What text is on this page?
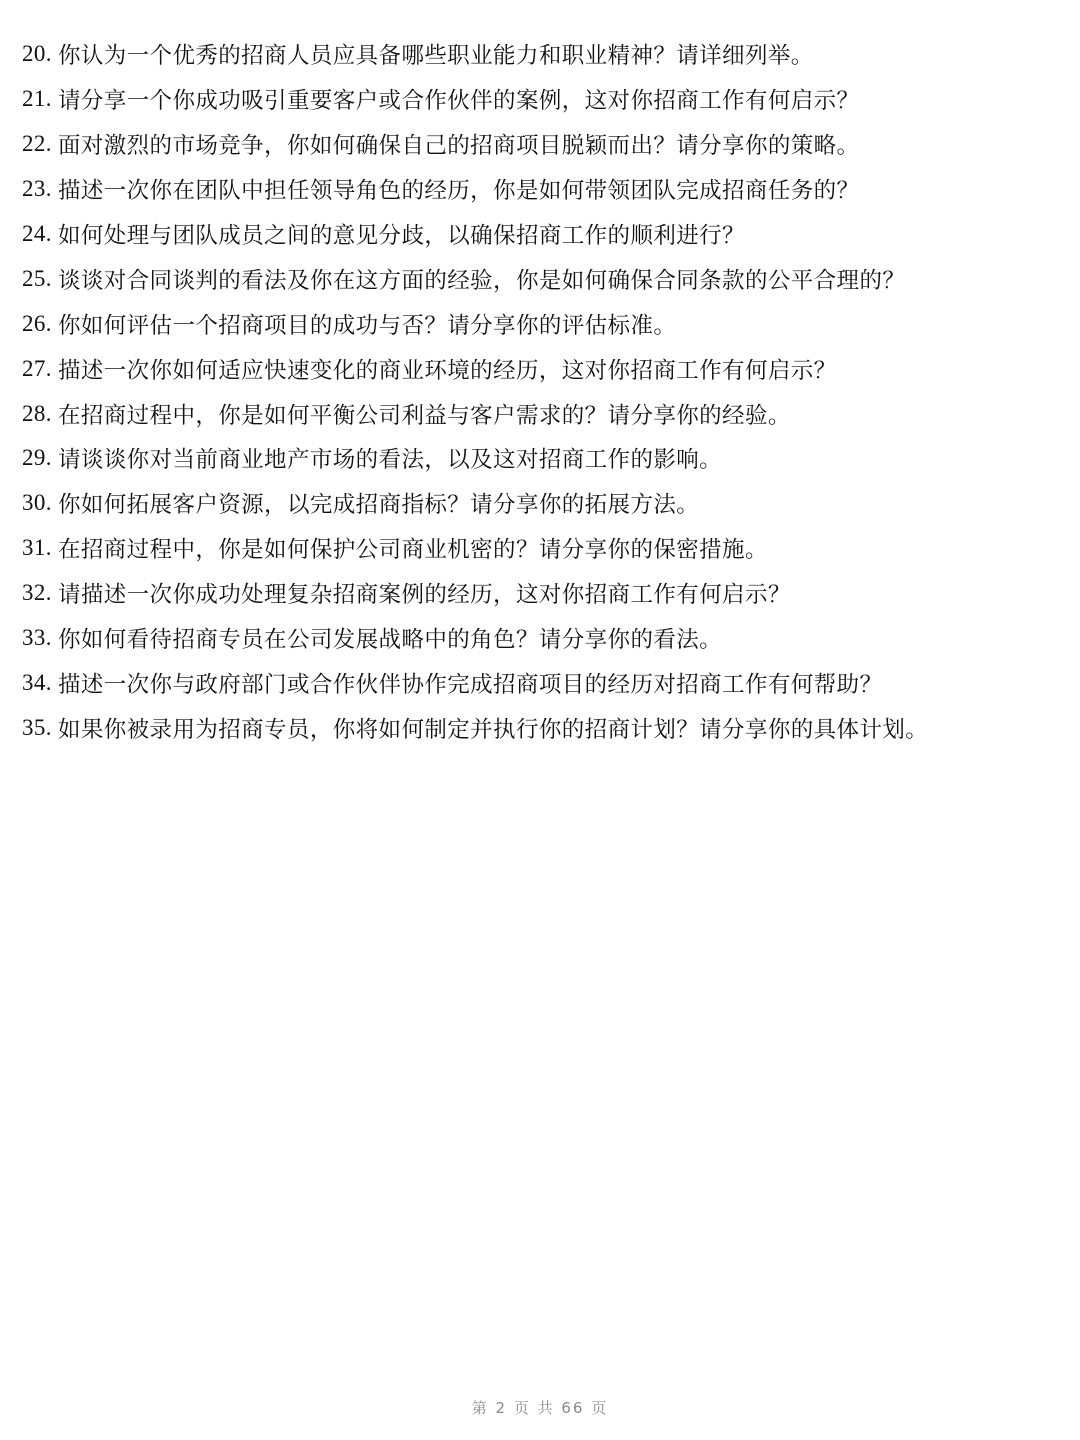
20. 你认为一个优秀的招商人员应具备哪些职业能力和职业精神？请详细列举。
21. 请分享一个你成功吸引重要客户或合作伙伴的案例，这对你招商工作有何启示？
22. 面对激烈的市场竞争，你如何确保自己的招商项目脱颖而出？请分享你的策略。
23. 描述一次你在团队中担任领导角色的经历，你是如何带领团队完成招商任务的？
24. 如何处理与团队成员之间的意见分歧，以确保招商工作的顺利进行？
25. 谈谈对合同谈判的看法及你在这方面的经验，你是如何确保合同条款的公平合理的？
26. 你如何评估一个招商项目的成功与否？请分享你的评估标准。
27. 描述一次你如何适应快速变化的商业环境的经历，这对你招商工作有何启示？
28. 在招商过程中，你是如何平衡公司利益与客户需求的？请分享你的经验。
29. 请谈谈你对当前商业地产市场的看法，以及这对招商工作的影响。
30. 你如何拓展客户资源，以完成招商指标？请分享你的拓展方法。
31. 在招商过程中，你是如何保护公司商业机密的？请分享你的保密措施。
32. 请描述一次你成功处理复杂招商案例的经历，这对你招商工作有何启示？
33. 你如何看待招商专员在公司发展战略中的角色？请分享你的看法。
34. 描述一次你与政府部门或合作伙伴协作完成招商项目的经历对招商工作有何帮助？
35. 如果你被录用为招商专员，你将如何制定并执行你的招商计划？请分享你的具体计划。
第 2 页 共 66 页
